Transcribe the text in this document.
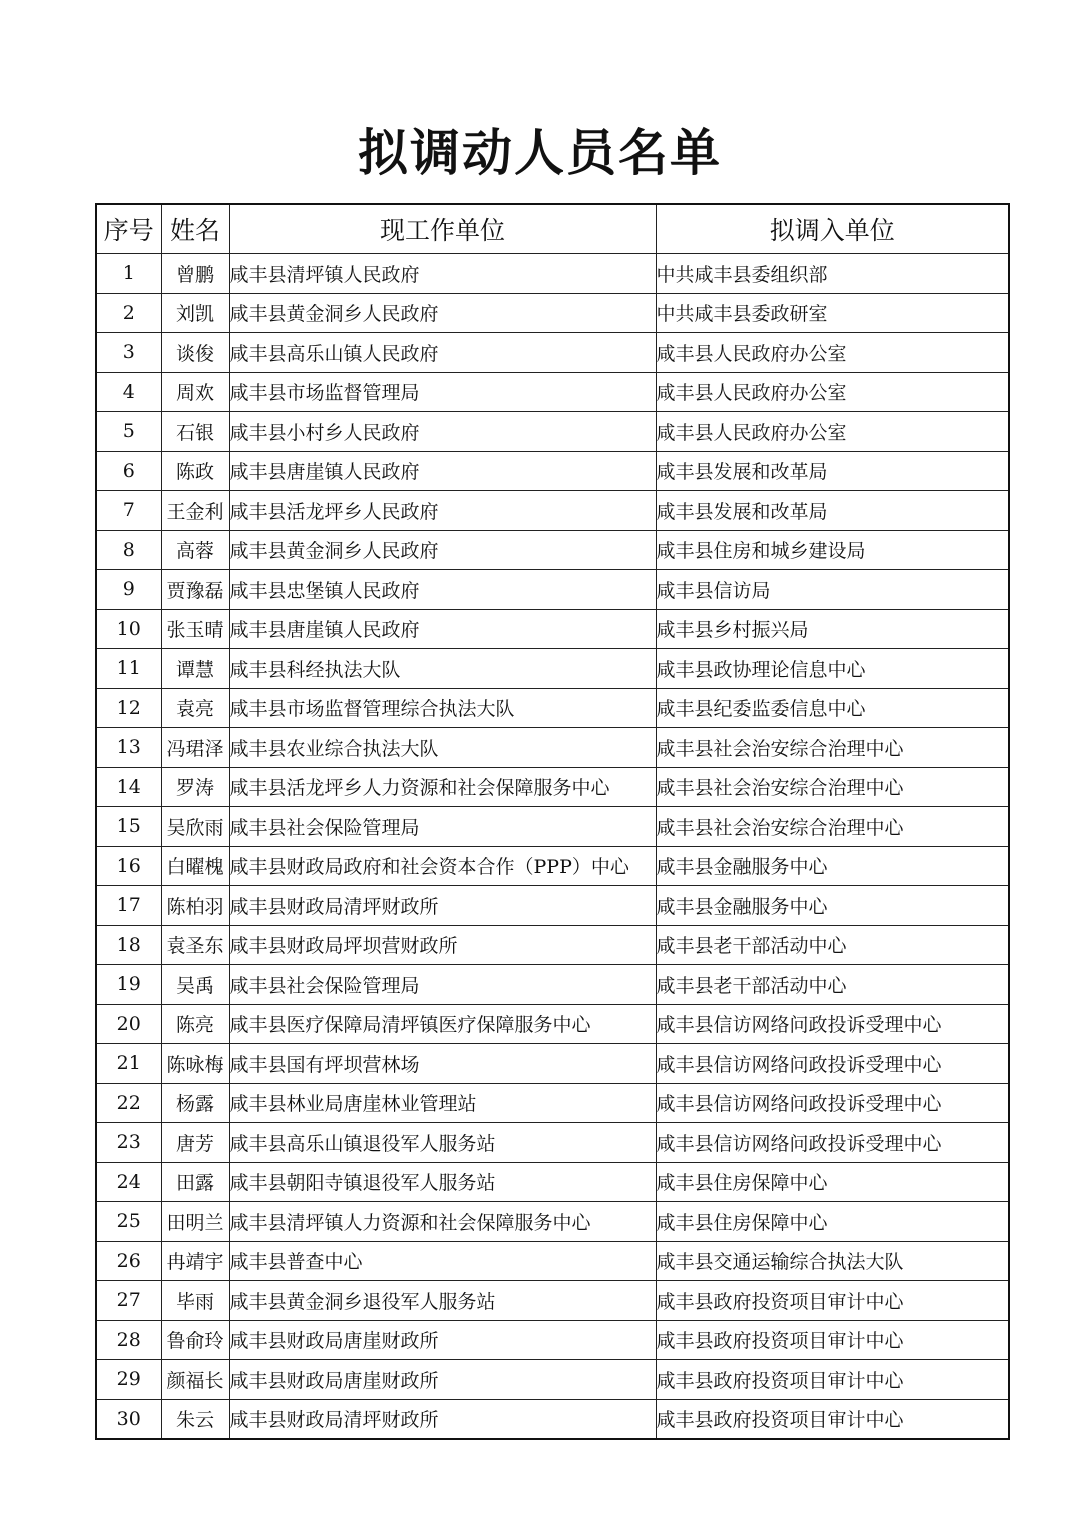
拟调动人员名单
序号	姓名	现工作单位	拟调入单位
1	曾鹏	咸丰县清坪镇人民政府	中共咸丰县委组织部
2	刘凯	咸丰县黄金洞乡人民政府	中共咸丰县委政研室
3	谈俊	咸丰县高乐山镇人民政府	咸丰县人民政府办公室
4	周欢	咸丰县市场监督管理局	咸丰县人民政府办公室
5	石银	咸丰县小村乡人民政府	咸丰县人民政府办公室
6	陈政	咸丰县唐崖镇人民政府	咸丰县发展和改革局
7	王金利	咸丰县活龙坪乡人民政府	咸丰县发展和改革局
8	高蓉	咸丰县黄金洞乡人民政府	咸丰县住房和城乡建设局
9	贾豫磊	咸丰县忠堡镇人民政府	咸丰县信访局
10	张玉晴	咸丰县唐崖镇人民政府	咸丰县乡村振兴局
11	谭慧	咸丰县科经执法大队	咸丰县政协理论信息中心
12	袁亮	咸丰县市场监督管理综合执法大队	咸丰县纪委监委信息中心
13	冯珺泽	咸丰县农业综合执法大队	咸丰县社会治安综合治理中心
14	罗涛	咸丰县活龙坪乡人力资源和社会保障服务中心	咸丰县社会治安综合治理中心
15	吴欣雨	咸丰县社会保险管理局	咸丰县社会治安综合治理中心
16	白曜槐	咸丰县财政局政府和社会资本合作（PPP）中心	咸丰县金融服务中心
17	陈柏羽	咸丰县财政局清坪财政所	咸丰县金融服务中心
18	袁圣东	咸丰县财政局坪坝营财政所	咸丰县老干部活动中心
19	吴禹	咸丰县社会保险管理局	咸丰县老干部活动中心
20	陈亮	咸丰县医疗保障局清坪镇医疗保障服务中心	咸丰县信访网络问政投诉受理中心
21	陈咏梅	咸丰县国有坪坝营林场	咸丰县信访网络问政投诉受理中心
22	杨露	咸丰县林业局唐崖林业管理站	咸丰县信访网络问政投诉受理中心
23	唐芳	咸丰县高乐山镇退役军人服务站	咸丰县信访网络问政投诉受理中心
24	田露	咸丰县朝阳寺镇退役军人服务站	咸丰县住房保障中心
25	田明兰	咸丰县清坪镇人力资源和社会保障服务中心	咸丰县住房保障中心
26	冉靖宇	咸丰县普查中心	咸丰县交通运输综合执法大队
27	毕雨	咸丰县黄金洞乡退役军人服务站	咸丰县政府投资项目审计中心
28	鲁俞玲	咸丰县财政局唐崖财政所	咸丰县政府投资项目审计中心
29	颜福长	咸丰县财政局唐崖财政所	咸丰县政府投资项目审计中心
30	朱云	咸丰县财政局清坪财政所	咸丰县政府投资项目审计中心
